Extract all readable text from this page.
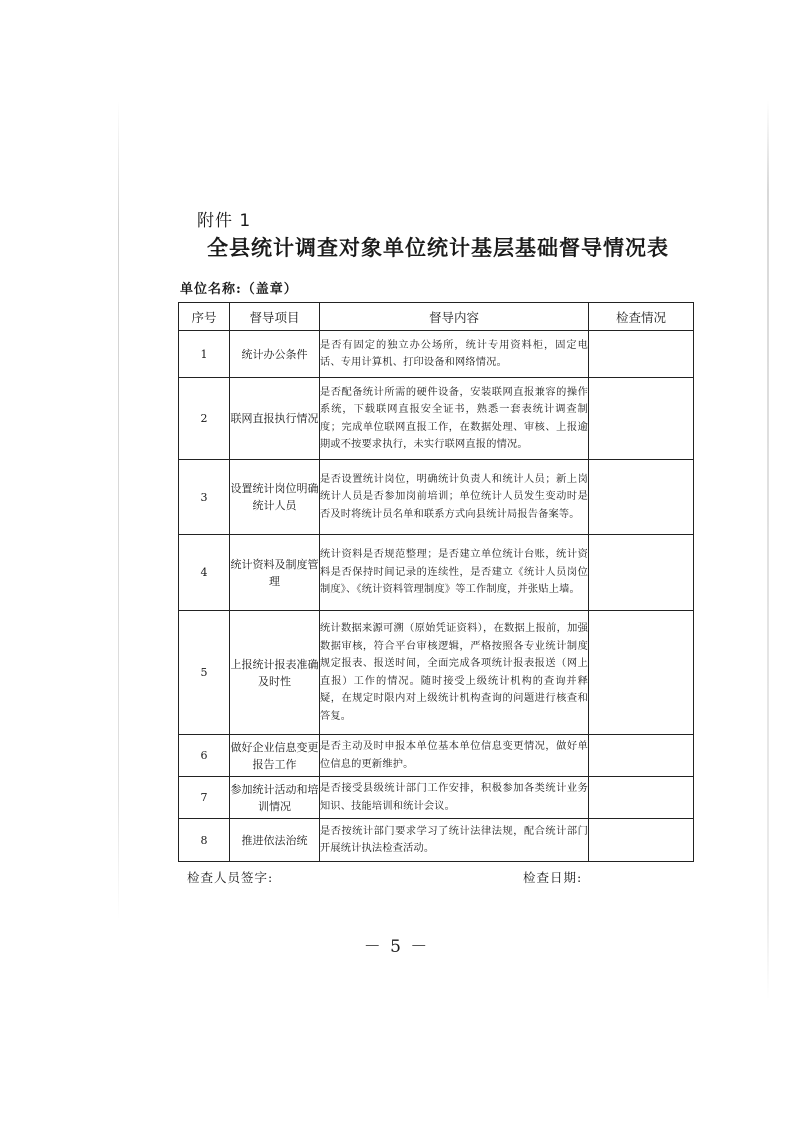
附件 1
全县统计调查对象单位统计基层基础督导情况表
单位名称:（盖章）
序号	督导项目	督导内容	检查情况
1	统计办公条件	是否有固定的独立办公场所，统计专用资料柜，固定电话、专用计算机、打印设备和网络情况。	
2	联网直报执行情况	是否配备统计所需的硬件设备，安装联网直报兼容的操作系统，下载联网直报安全证书，熟悉一套表统计调查制度；完成单位联网直报工作，在数据处理、审核、上报逾期或不按要求执行，未实行联网直报的情况。	
3	设置统计岗位明确统计人员	是否设置统计岗位，明确统计负责人和统计人员；新上岗统计人员是否参加岗前培训；单位统计人员发生变动时是否及时将统计员名单和联系方式向县统计局报告备案等。	
4	统计资料及制度管理	统计资料是否规范整理；是否建立单位统计台账，统计资料是否保持时间记录的连续性，是否建立《统计人员岗位制度》、《统计资料管理制度》等工作制度，并张贴上墙。	
5	上报统计报表准确及时性	统计数据来源可溯（原始凭证资料），在数据上报前，加强数据审核，符合平台审核逻辑，严格按照各专业统计制度规定报表、报送时间，全面完成各项统计报表报送（网上直报）工作的情况。随时接受上级统计机构的查询并释疑，在规定时限内对上级统计机构查询的问题进行核查和答复。	
6	做好企业信息变更报告工作	是否主动及时申报本单位基本单位信息变更情况，做好单位信息的更新维护。	
7	参加统计活动和培训情况	是否接受县级统计部门工作安排，积极参加各类统计业务知识、技能培训和统计会议。	
8	推进依法治统	是否按统计部门要求学习了统计法律法规，配合统计部门开展统计执法检查活动。	
检查人员签字:	检查日期:
－ 5 －
